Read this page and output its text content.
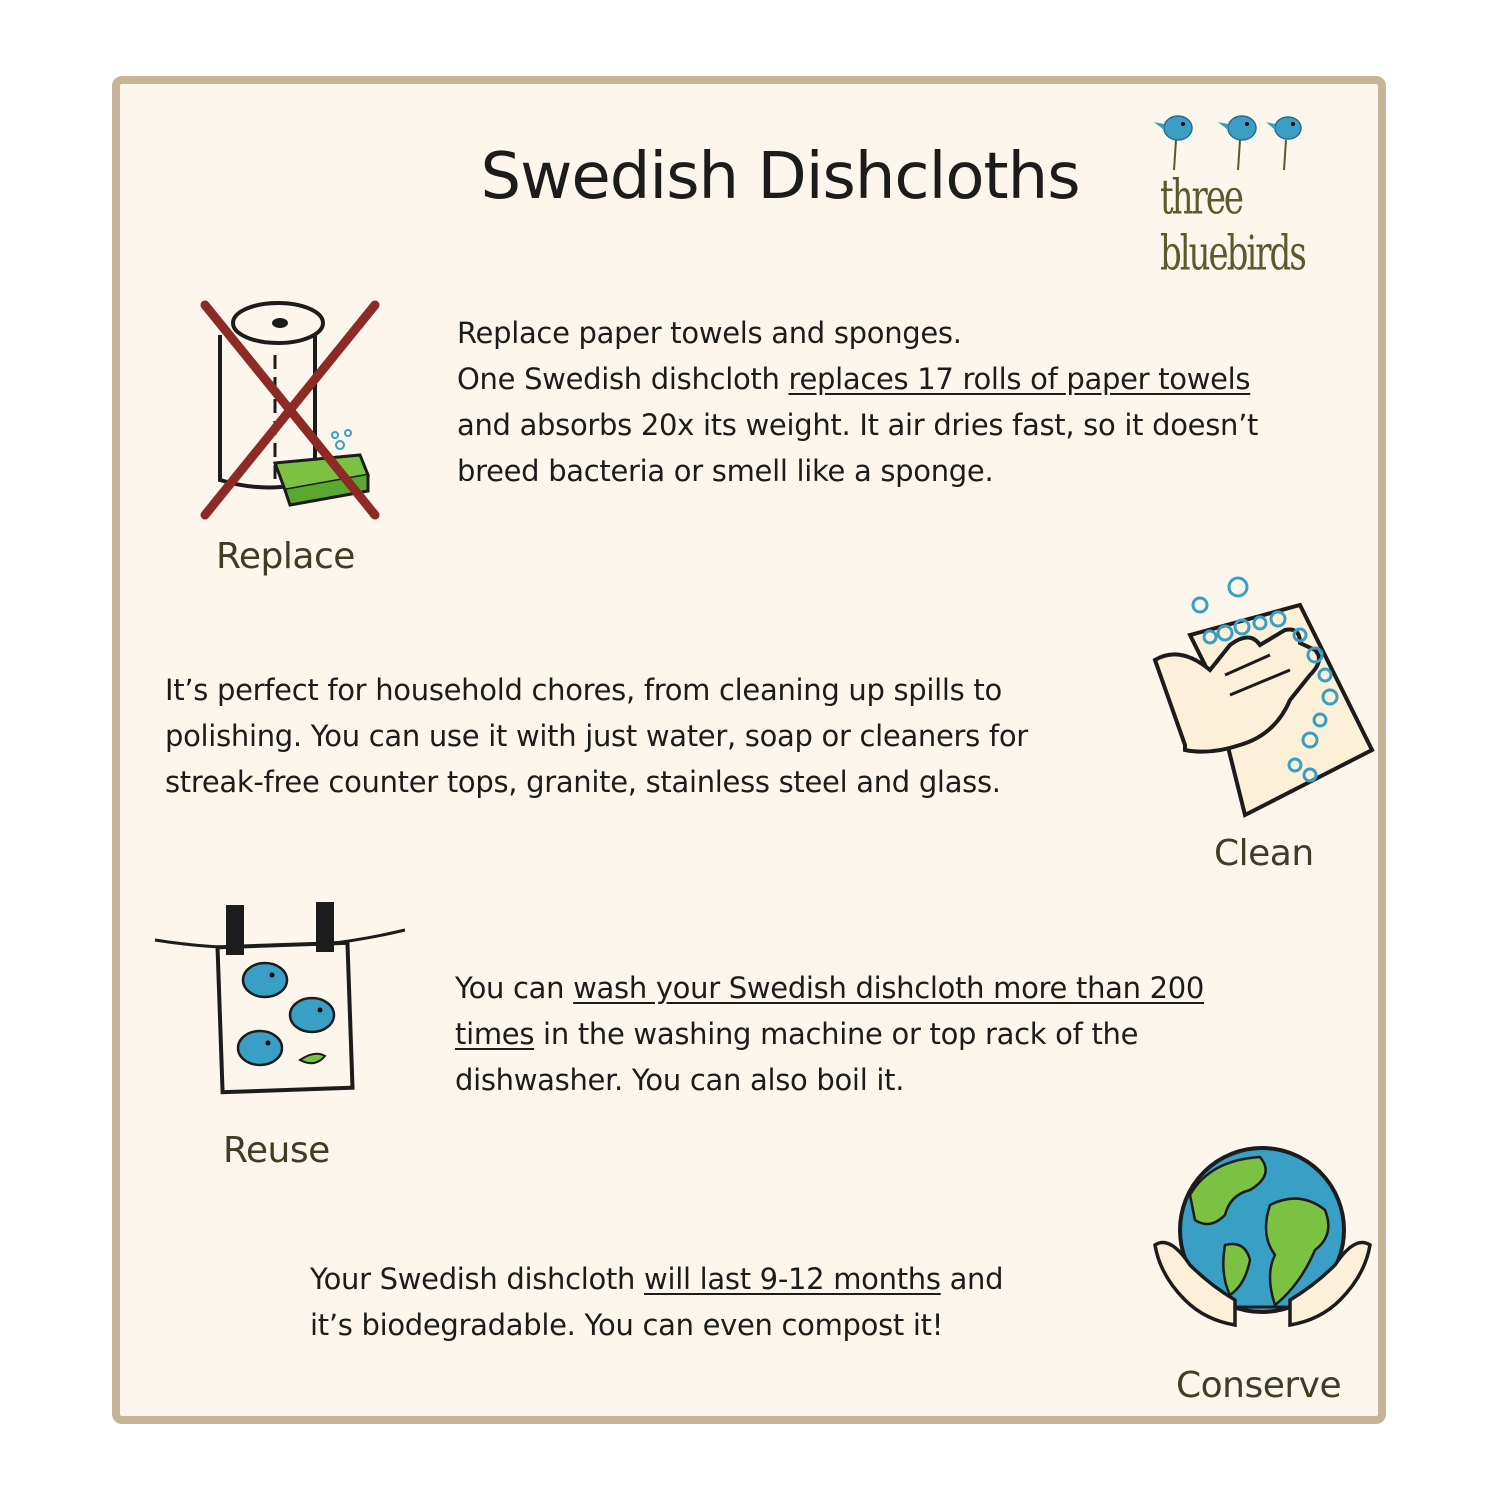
Swedish Dishcloths	three bluebirds
Replace
Replace paper towels and sponges.
One Swedish dishcloth replaces 17 rolls of paper towels
and absorbs 20x its weight. It air dries fast, so it doesn’t
breed bacteria or smell like a sponge.
It’s perfect for household chores, from cleaning up spills to
polishing. You can use it with just water, soap or cleaners for
streak-free counter tops, granite, stainless steel and glass.
Clean
Reuse
You can wash your Swedish dishcloth more than 200
times in the washing machine or top rack of the
dishwasher. You can also boil it.
Your Swedish dishcloth will last 9-12 months and
it’s biodegradable. You can even compost it!
Conserve
